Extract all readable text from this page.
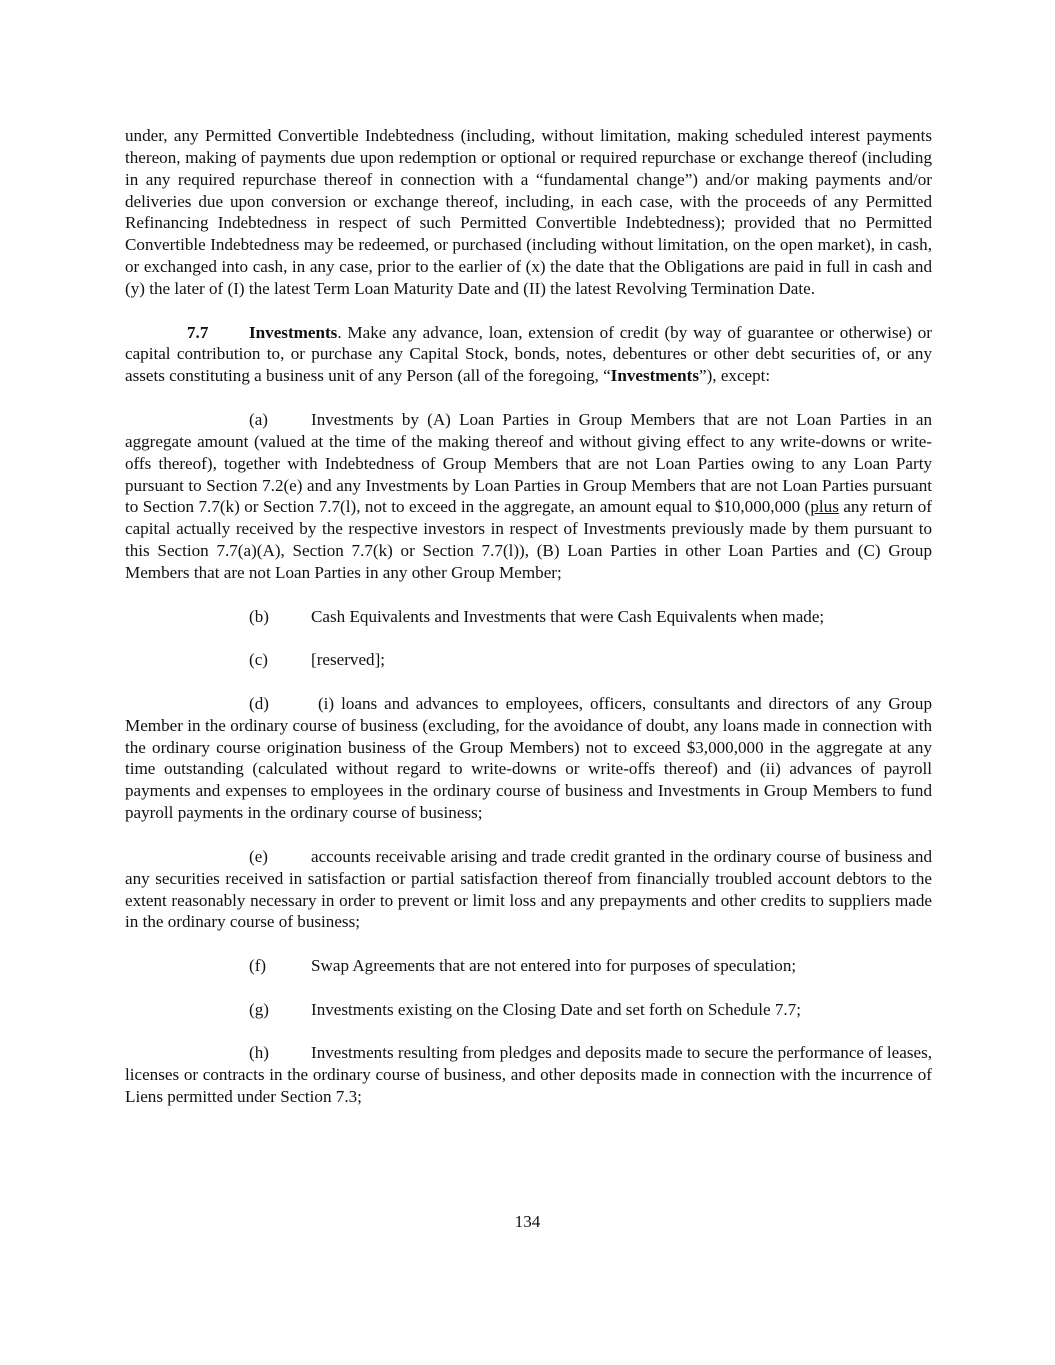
under, any Permitted Convertible Indebtedness (including, without limitation, making scheduled interest payments thereon, making of payments due upon redemption or optional or required repurchase or exchange thereof (including in any required repurchase thereof in connection with a “fundamental change”) and/or making payments and/or deliveries due upon conversion or exchange thereof, including, in each case, with the proceeds of any Permitted Refinancing Indebtedness in respect of such Permitted Convertible Indebtedness); provided that no Permitted Convertible Indebtedness may be redeemed, or purchased (including without limitation, on the open market), in cash, or exchanged into cash, in any case, prior to the earlier of (x) the date that the Obligations are paid in full in cash and (y) the later of (I) the latest Term Loan Maturity Date and (II) the latest Revolving Termination Date.

7.7 Investments. Make any advance, loan, extension of credit (by way of guarantee or otherwise) or capital contribution to, or purchase any Capital Stock, bonds, notes, debentures or other debt securities of, or any assets constituting a business unit of any Person (all of the foregoing, “Investments”), except:

(a)	Investments by (A) Loan Parties in Group Members that are not Loan Parties in an aggregate amount (valued at the time of the making thereof and without giving effect to any write-downs or write-offs thereof), together with Indebtedness of Group Members that are not Loan Parties owing to any Loan Party pursuant to Section 7.2(e) and any Investments by Loan Parties in Group Members that are not Loan Parties pursuant to Section 7.7(k) or Section 7.7(l), not to exceed in the aggregate, an amount equal to $10,000,000 (plus any return of capital actually received by the respective investors in respect of Investments previously made by them pursuant to this Section 7.7(a)(A), Section 7.7(k) or Section 7.7(l)), (B) Loan Parties in other Loan Parties and (C) Group Members that are not Loan Parties in any other Group Member;

(b) Cash Equivalents and Investments that were Cash Equivalents when made;

(c)	[reserved];

(d) (i) loans and advances to employees, officers, consultants and directors of any Group Member in the ordinary course of business (excluding, for the avoidance of doubt, any loans made in connection with the ordinary course origination business of the Group Members) not to exceed $3,000,000 in the aggregate at any time outstanding (calculated without regard to write-downs or write-offs thereof) and (ii) advances of payroll payments and expenses to employees in the ordinary course of business and Investments in Group Members to fund payroll payments in the ordinary course of business;

(e)	accounts receivable arising and trade credit granted in the ordinary course of business and any securities received in satisfaction or partial satisfaction thereof from financially troubled account debtors to the extent reasonably necessary in order to prevent or limit loss and any prepayments and other credits to suppliers made in the ordinary course of business;

(f)	Swap Agreements that are not entered into for purposes of speculation;

(g) Investments existing on the Closing Date and set forth on Schedule 7.7;

(h) Investments resulting from pledges and deposits made to secure the performance of leases, licenses or contracts in the ordinary course of business, and other deposits made in connection with the incurrence of Liens permitted under Section 7.3;

134
